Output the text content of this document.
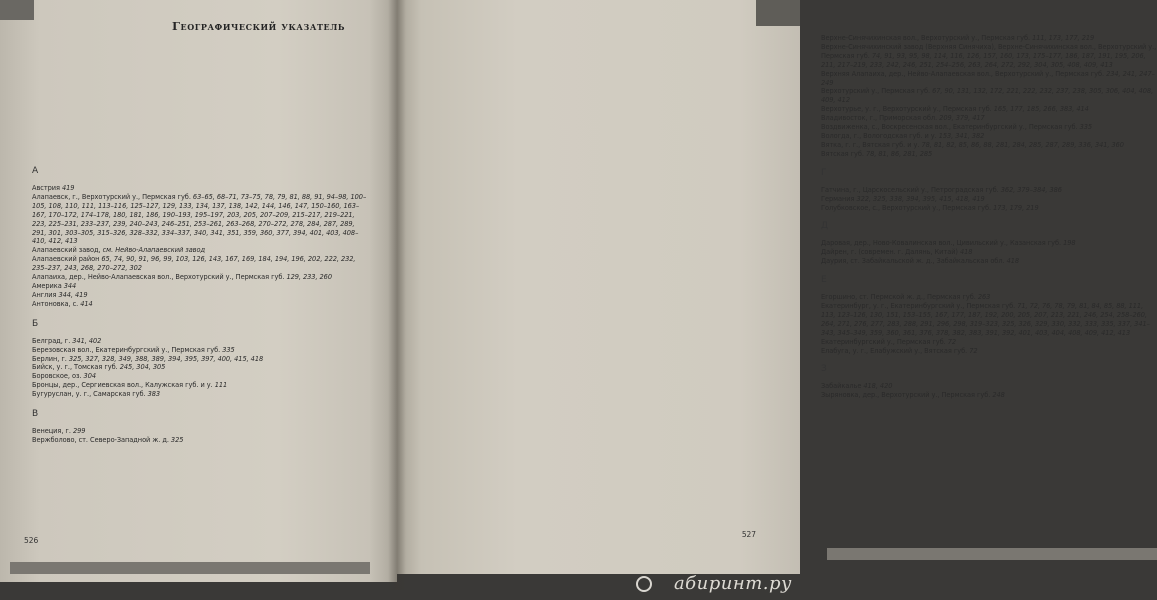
Географический указатель
А
Австрия 419
Алапаевск, г., Верхотурский у., Пермская губ. 63–65, 68–71, 73–75, 78, 79, 81, 88, 91, 94–98, 100–105, 108, 110, 111, 113–116, 125–127, 129, 133, 134, 137, 138, 142, 144, 146, 147, 150–160, 163–167, 170–172, 174–178, 180, 181, 186, 190–193, 195–197, 203, 205, 207–209, 215–217, 219–221, 223, 225–231, 233–237, 239, 240–243, 246–251, 253–261, 263–268, 270–272, 278, 284, 287, 289, 291, 301, 303–305, 315–326, 328–332, 334–337, 340, 341, 351, 359, 360, 377, 394, 401, 403, 408–410, 412, 413
Алапаевский завод, см. Нейво-Алапаевский завод
Алапаевский район 65, 74, 90, 91, 96, 99, 103, 126, 143, 167, 169, 184, 194, 196, 202, 222, 232, 235–237, 243, 268, 270–272, 302
Алапаиха, дер., Нейво-Алапаевская вол., Верхотурский у., Пермская губ. 129, 233, 260
Америка 344
Англия 344, 419
Антоновка, с. 414
Б
Белград, г. 341, 402
Березовская вол., Екатеринбургский у., Пермская губ. 335
Берлин, г. 325, 327, 328, 349, 388, 389, 394, 395, 397, 400, 415, 418
Бийск, у. г., Томская губ. 245, 304, 305
Боровское, оз. 304
Бронцы, дер., Сергиевская вол., Калужская губ. и у. 111
Бугуруслан, у. г., Самарская губ. 383
В
Венеция, г. 299
Вержболово, ст. Северо-Западной ж. д. 325
526
Верхне-Синячихинская вол., Верхотурский у., Пермская губ. 111, 173, 177, 219
Верхне-Синячихинский завод (Верхняя Синячиха), Верхне-Синячихинская вол., Верхотурский у., Пермская губ. 74, 91, 93, 95, 98, 114, 116, 126, 157, 160, 173, 175–177, 186, 187, 191, 195, 206, 211, 217–219, 233, 242, 246, 251, 254–256, 263, 264, 272, 292, 304, 305, 408, 409, 413
Верхняя Алапаиха, дер., Нейво-Алапаевская вол., Верхотурский у., Пермская губ. 234, 241, 247–249
Верхотурский у., Пермская губ. 67, 90, 131, 132, 172, 221, 222, 232, 237, 238, 305, 306, 404, 408, 409, 412
Верхотурье, у. г., Верхотурский у., Пермская губ. 165, 177, 185, 266, 383, 414
Владивосток, г., Приморская обл. 209, 379, 417
Воздвиженка, с., Воскресенская вол., Екатеринбургский у., Пермская губ. 335
Вологда, г., Вологодская губ. и у. 153, 341, 382
Вятка, г. г., Вятская губ. и у. 78, 81, 82, 85, 86, 88, 281, 284, 285, 287, 289, 336, 341, 360
Вятская губ. 78, 81, 86, 281, 285
Г
Гатчина, г., Царскосельский у., Петроградская губ. 362, 379–384, 386
Германия 322, 325, 338, 394, 395, 415, 418, 419
Голубковское, с., Верхотурский у., Пермская губ. 173, 179, 219
Д
Даровая, дер., Ново-Ковалинская вол., Цивильский у., Казанская губ. 198
Дайрен, г. (современ. г. Далянь, Китай) 418
Даурия, ст. Забайкальской ж. д., Забайкальская обл. 418
Е
Егоршино, ст. Пермской ж. д., Пермская губ. 263
Екатеринбург, у. г., Екатеринбургский у., Пермская губ. 71, 72, 76, 78, 79, 81, 84, 85, 88, 111, 113, 123–126, 130, 151, 153–155, 167, 177, 187, 192, 200, 205, 207, 213, 221, 246, 254, 258–260, 264, 271, 276, 277, 283, 288, 291, 296, 298, 319–323, 325, 326, 329, 330, 332, 333, 335, 337, 341–343, 345–349, 359, 360, 361, 376, 378, 382, 383, 391, 392, 401, 403, 404, 408, 409, 412, 413
Екатеринбургский у., Пермская губ. 72
Елабуга, у. г., Елабужский у., Вятская губ. 72
З
Забайкалье 418, 420
Зыряновка, дер., Верхотурский у., Пермская губ. 248
527
абиринт.ру
